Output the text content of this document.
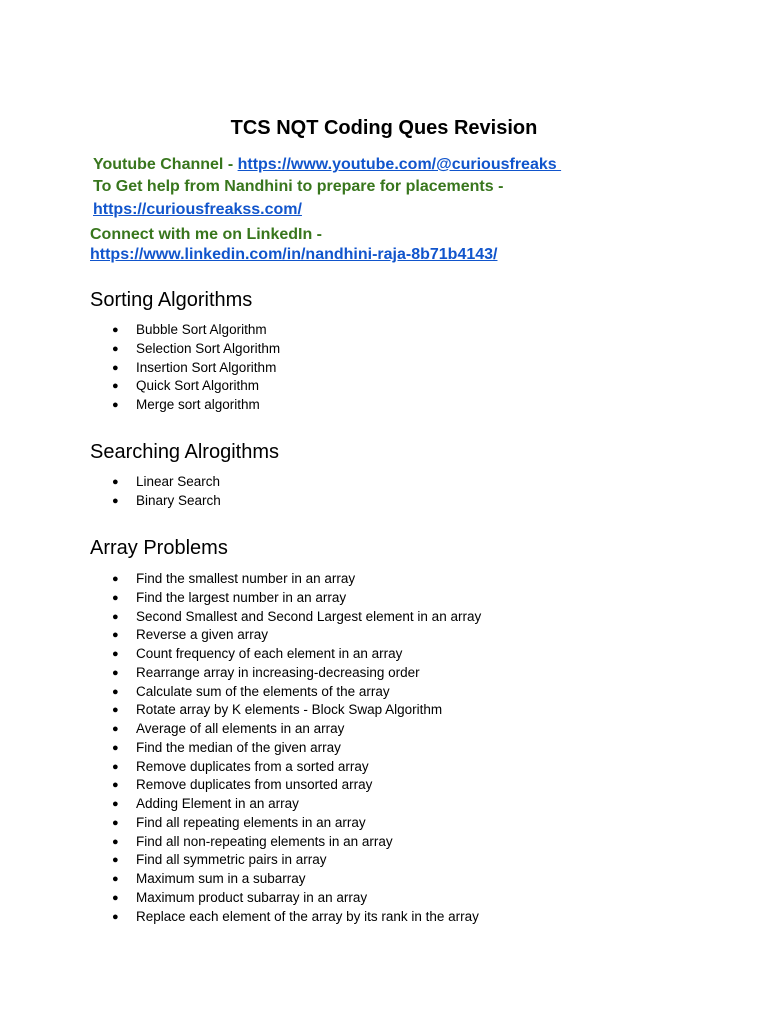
TCS NQT Coding Ques Revision

Youtube Channel - https://www.youtube.com/@curiousfreaks

To Get help from Nandhini to prepare for placements -

https://curiousfreakss.com/

Connect with me on LinkedIn -

https://www.linkedin.com/in/nandhini-raja-8b71b4143/

Sorting Algorithms
● Bubble Sort Algorithm
● Selection Sort Algorithm
● Insertion Sort Algorithm
● Quick Sort Algorithm
● Merge sort algorithm
Searching Alrogithms
● Linear Search
● Binary Search
Array Problems
● Find the smallest number in an array
● Find the largest number in an array
● Second Smallest and Second Largest element in an array
● Reverse a given array
● Count frequency of each element in an array
● Rearrange array in increasing-decreasing order
● Calculate sum of the elements of the array
● Rotate array by K elements - Block Swap Algorithm
● Average of all elements in an array
● Find the median of the given array
● Remove duplicates from a sorted array
● Remove duplicates from unsorted array
● Adding Element in an array
● Find all repeating elements in an array
● Find all non-repeating elements in an array
● Find all symmetric pairs in array
● Maximum sum in a subarray
● Maximum product subarray in an array
● Replace each element of the array by its rank in the array
